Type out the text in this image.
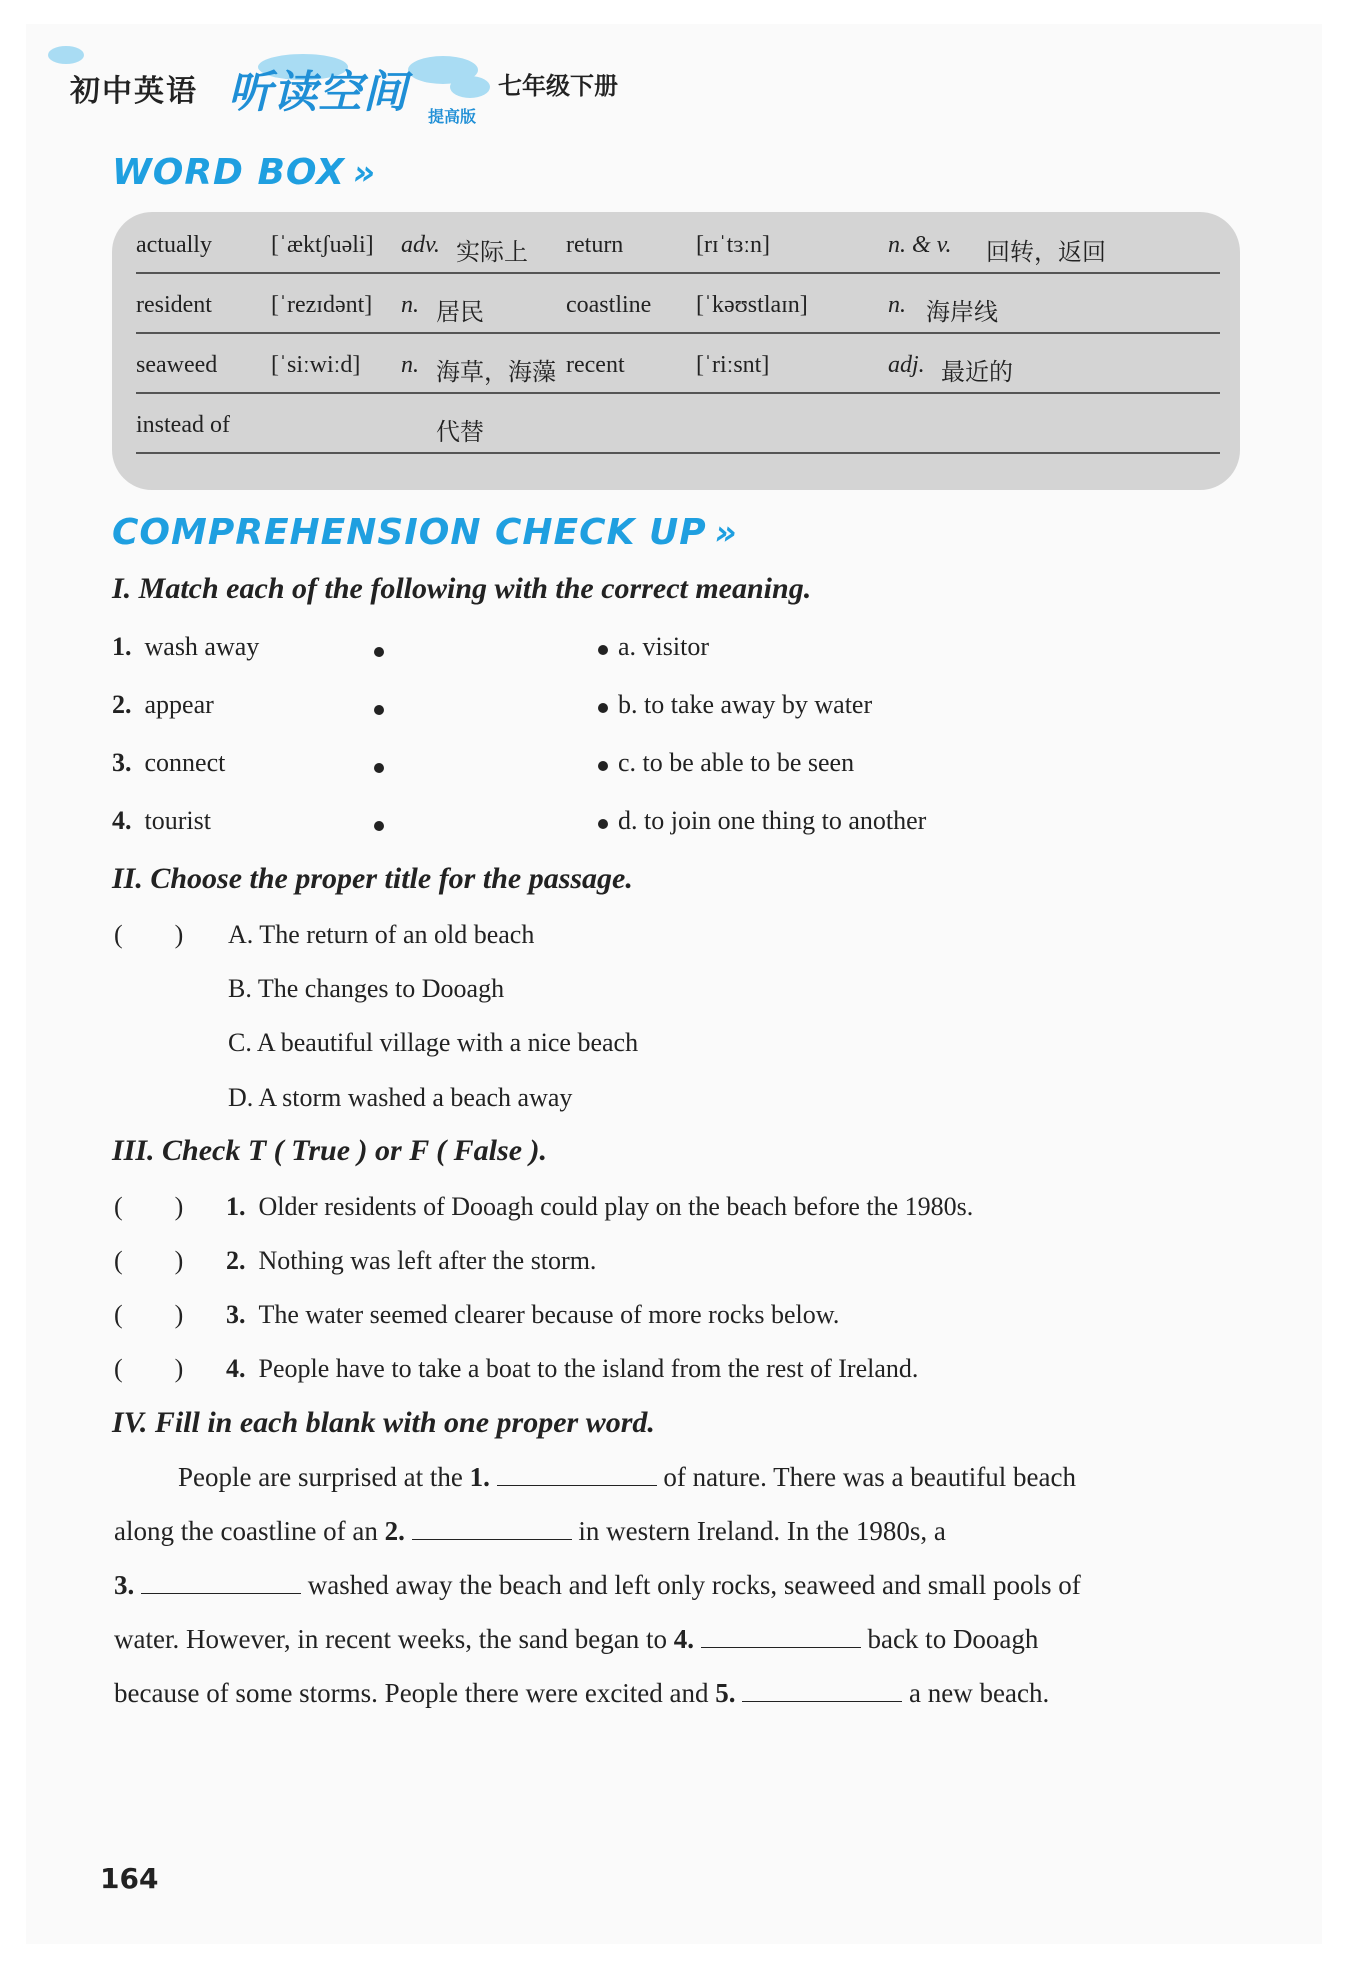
初中英语 听读空间 提高版
七年级下册
WORD BOX »
actually [ˈæktʃuəli] adv. 实际上 return	[rɪˈtɜːn]	n. & v. 回转，返回
resident [ˈrezɪdənt] n. 居民	coastline [ˈkəʊstlaɪn]	n. 海岸线
seaweed [ˈsiːwiːd] n. 海草，海藻 recent	[ˈriːsnt]	adj. 最近的
instead of	代替
COMPREHENSION CHECK UP »
I. Match each of the following with the correct meaning.
1. wash away
2. appear
3. connect
4. tourist
a. visitor
b. to take away by water
c. to be able to be seen
d. to join one thing to another
II. Choose the proper title for the passage.
(        ) A. The return of an old beach
B. The changes to Dooagh
C. A beautiful village with a nice beach
D. A storm washed a beach away
III. Check T ( True ) or F ( False ).
(        ) 1. Older residents of Dooagh could play on the beach before the 1980s.
(        ) 2. Nothing was left after the storm.
(        ) 3. The water seemed clearer because of more rocks below.
(        ) 4. People have to take a boat to the island from the rest of Ireland.
IV. Fill in each blank with one proper word.
People are surprised at the 1.	of nature. There was a beautiful beach
along the coastline of an 2.	in western Ireland. In the 1980s, a
3.	washed away the beach and left only rocks, seaweed and small pools of
water. However, in recent weeks, the sand began to 4.	back to Dooagh
because of some storms. People there were excited and 5.	a new beach.
164
